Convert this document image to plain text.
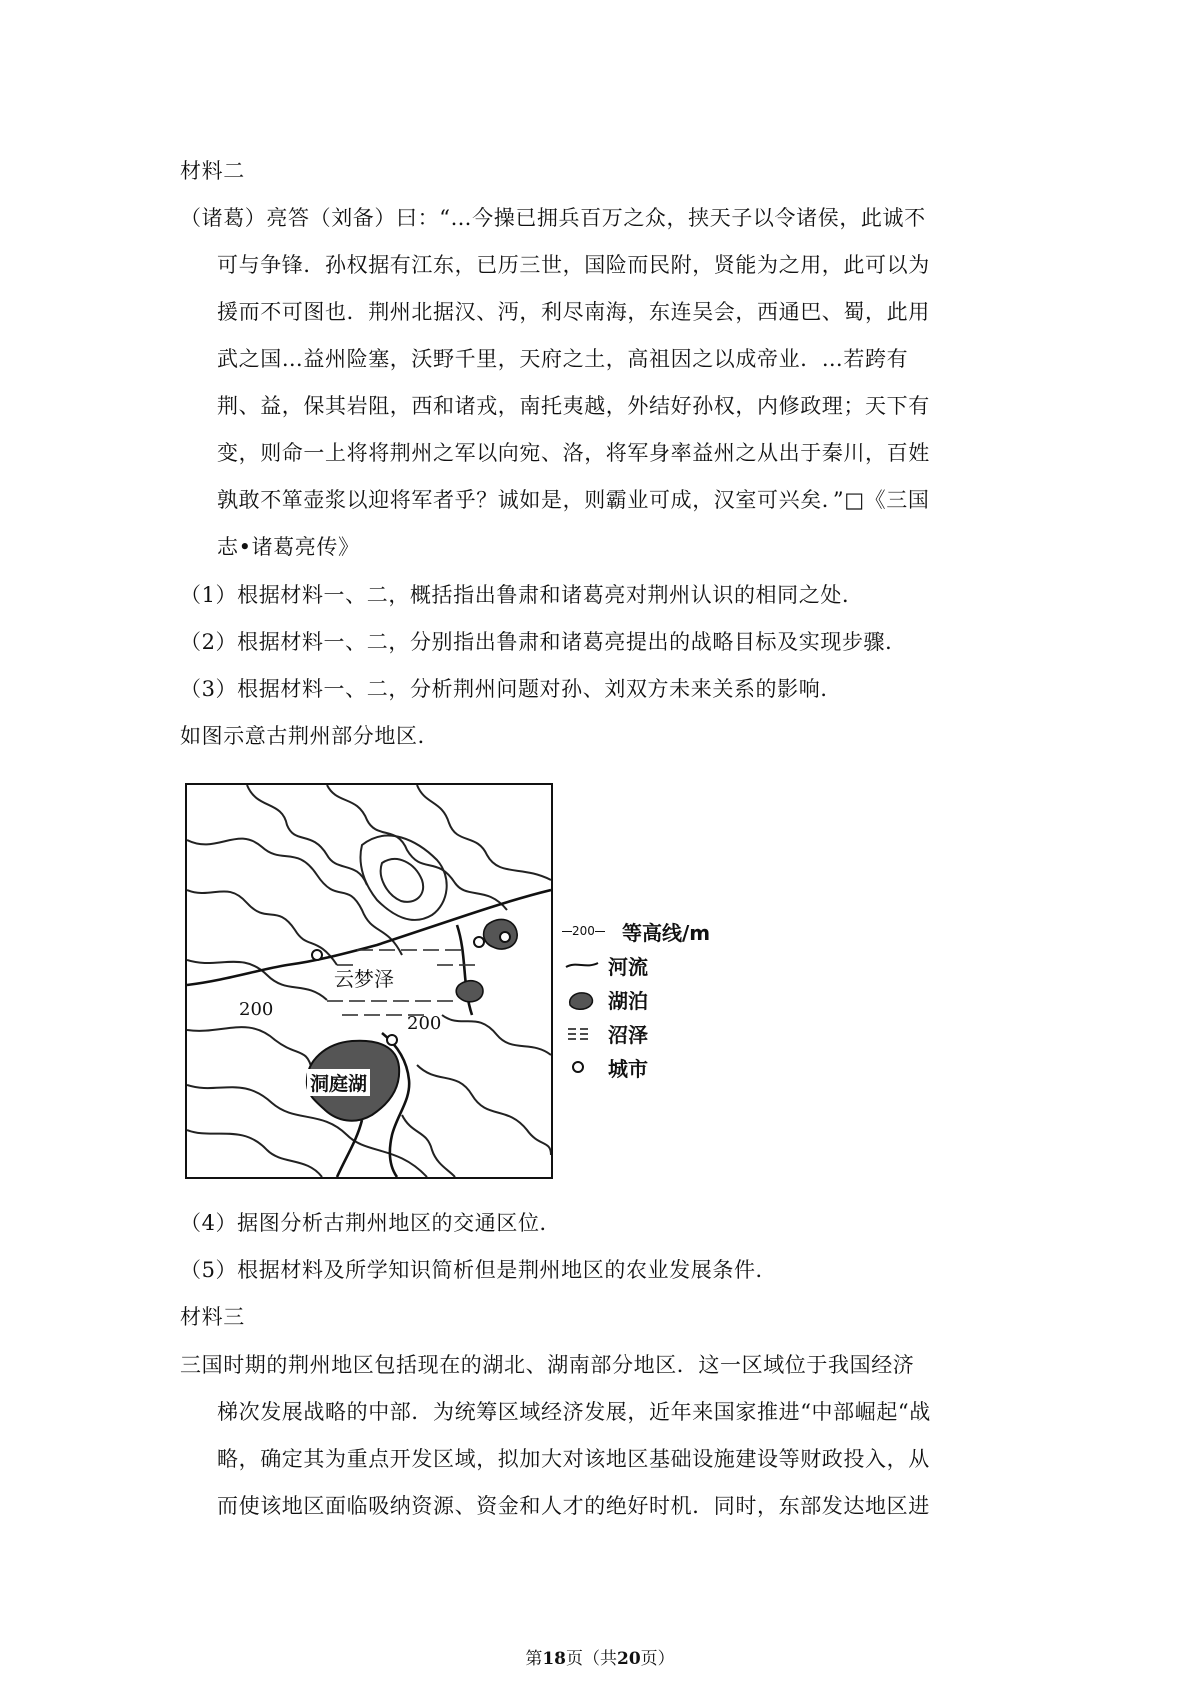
材料二
（诸葛）亮答（刘备）曰：“…今操已拥兵百万之众，挟天子以令诸侯，此诚不
可与争锋．孙权据有江东，已历三世，国险而民附，贤能为之用，此可以为
援而不可图也．荆州北据汉、沔，利尽南海，东连吴会，西通巴、蜀，此用
武之国…益州险塞，沃野千里，天府之土，高祖因之以成帝业．…若跨有
荆、益，保其岩阻，西和诸戎，南托夷越，外结好孙权，内修政理；天下有
变，则命一上将将荆州之军以向宛、洛，将军身率益州之从出于秦川，百姓
孰敢不箪壶浆以迎将军者乎？诚如是，则霸业可成，汉室可兴矣．”□《三国
志•诸葛亮传》
（1）根据材料一、二，概括指出鲁肃和诸葛亮对荆州认识的相同之处．
（2）根据材料一、二，分别指出鲁肃和诸葛亮提出的战略目标及实现步骤．
（3）根据材料一、二，分析荆州问题对孙、刘双方未来关系的影响．
如图示意古荆州部分地区．
云梦泽
洞庭湖
200
200
200 等高线/m
河流
湖泊
沼泽
城市
（4）据图分析古荆州地区的交通区位．
（5）根据材料及所学知识简析但是荆州地区的农业发展条件．
材料三
三国时期的荆州地区包括现在的湖北、湖南部分地区．这一区域位于我国经济
梯次发展战略的中部．为统筹区域经济发展，近年来国家推进“中部崛起“战
略，确定其为重点开发区域，拟加大对该地区基础设施建设等财政投入，从
而使该地区面临吸纳资源、资金和人才的绝好时机．同时，东部发达地区进
第18页（共20页）
